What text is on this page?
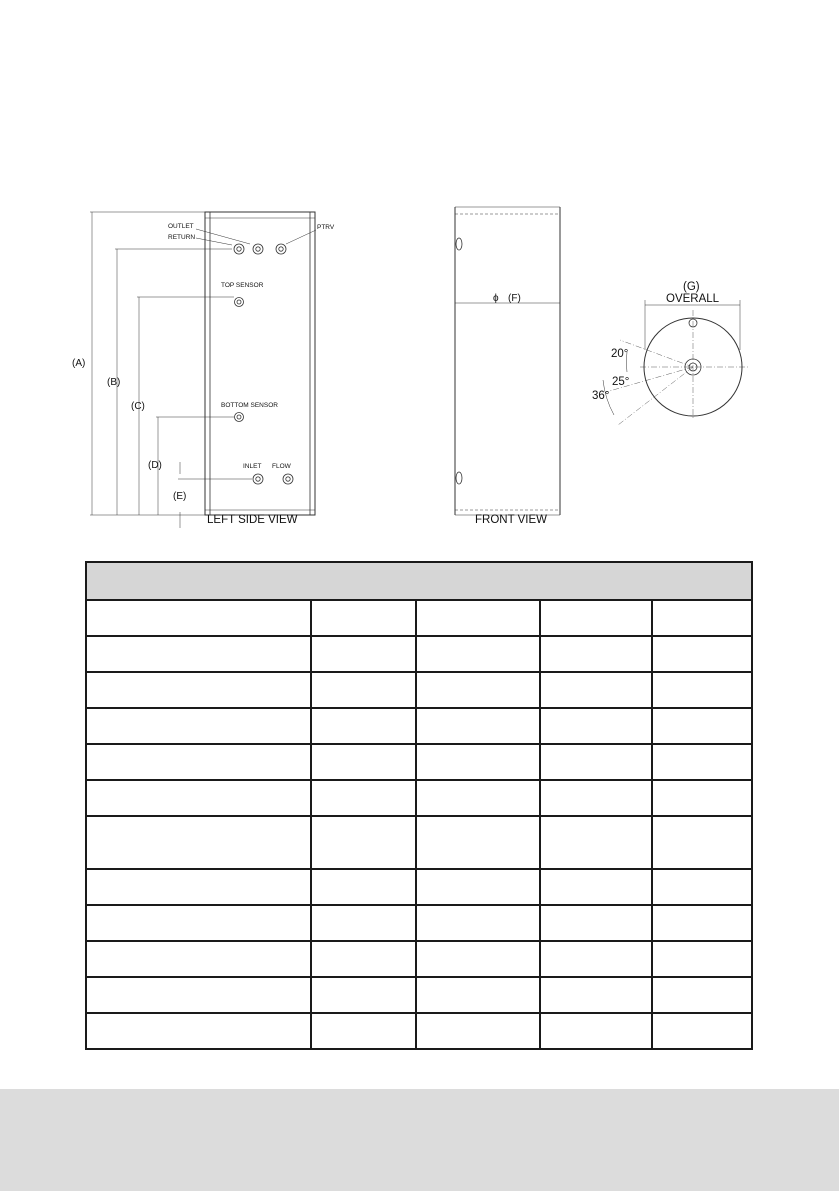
OUTLET
RETURN
PTRV
TOP SENSOR
BOTTOM SENSOR
INLET FLOW
(A)
(B)
(C)
(D)
(E)
ϕ (F)
(G)
OVERALL
20°
25°
36°
LEFT SIDE VIEW	FRONT VIEW
